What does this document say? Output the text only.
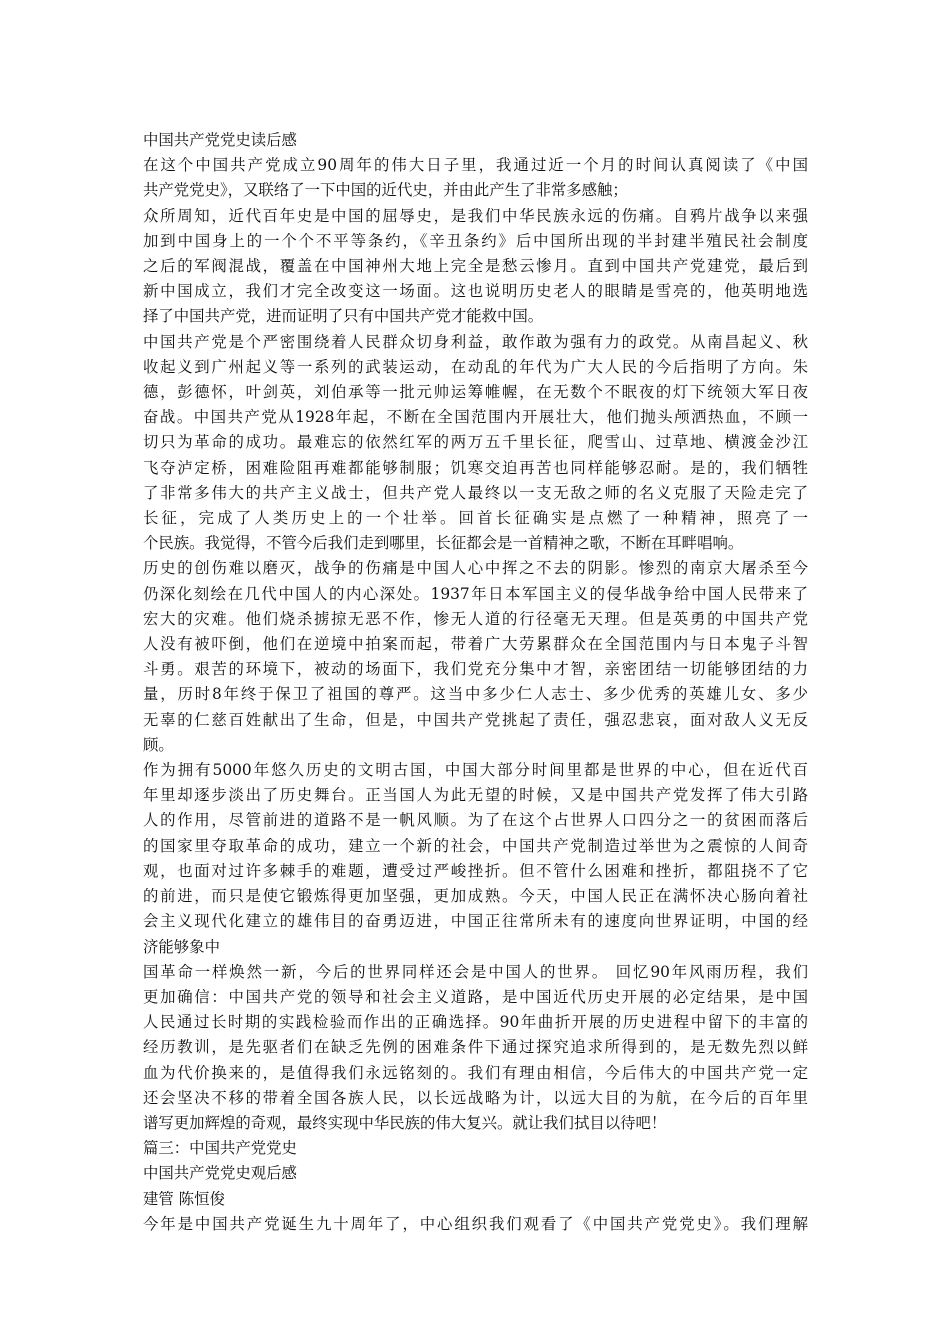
中国共产党党史读后感
在这个中国共产党成立90周年的伟大日子里，我通过近一个月的时间认真阅读了《中国
共产党党史》，又联络了一下中国的近代史，并由此产生了非常多感触；
众所周知，近代百年史是中国的屈辱史，是我们中华民族永远的伤痛。自鸦片战争以来强
加到中国身上的一个个不平等条约，《辛丑条约》后中国所出现的半封建半殖民社会制度
之后的军阀混战，覆盖在中国神州大地上完全是愁云惨月。直到中国共产党建党，最后到
新中国成立，我们才完全改变这一场面。这也说明历史老人的眼睛是雪亮的，他英明地选
择了中国共产党，进而证明了只有中国共产党才能救中国。
中国共产党是个严密围绕着人民群众切身利益，敢作敢为强有力的政党。从南昌起义、秋
收起义到广州起义等一系列的武装运动，在动乱的年代为广大人民的今后指明了方向。朱
德，彭德怀，叶剑英，刘伯承等一批元帅运筹帷幄，在无数个不眠夜的灯下统领大军日夜
奋战。中国共产党从1928年起，不断在全国范围内开展壮大，他们抛头颅洒热血，不顾一
切只为革命的成功。最难忘的依然红军的两万五千里长征，爬雪山、过草地、横渡金沙江
飞夺泸定桥，困难险阻再难都能够制服；饥寒交迫再苦也同样能够忍耐。是的，我们牺牲
了非常多伟大的共产主义战士，但共产党人最终以一支无敌之师的名义克服了天险走完了
长征，完成了人类历史上的一个壮举。回首长征确实是点燃了一种精神，照亮了一
个民族。我觉得，不管今后我们走到哪里，长征都会是一首精神之歌，不断在耳畔唱响。
历史的创伤难以磨灭，战争的伤痛是中国人心中挥之不去的阴影。惨烈的南京大屠杀至今
仍深化刻绘在几代中国人的内心深处。1937年日本军国主义的侵华战争给中国人民带来了
宏大的灾难。他们烧杀掳掠无恶不作，惨无人道的行径毫无天理。但是英勇的中国共产党
人没有被吓倒，他们在逆境中拍案而起，带着广大劳累群众在全国范围内与日本鬼子斗智
斗勇。艰苦的环境下，被动的场面下，我们党充分集中才智，亲密团结一切能够团结的力
量，历时8年终于保卫了祖国的尊严。这当中多少仁人志士、多少优秀的英雄儿女、多少
无辜的仁慈百姓献出了生命，但是，中国共产党挑起了责任，强忍悲哀，面对敌人义无反
顾。
作为拥有5000年悠久历史的文明古国，中国大部分时间里都是世界的中心，但在近代百
年里却逐步淡出了历史舞台。正当国人为此无望的时候，又是中国共产党发挥了伟大引路
人的作用，尽管前进的道路不是一帆风顺。为了在这个占世界人口四分之一的贫困而落后
的国家里夺取革命的成功，建立一个新的社会，中国共产党制造过举世为之震惊的人间奇
观，也面对过许多棘手的难题，遭受过严峻挫折。但不管什么困难和挫折，都阻挠不了它
的前进，而只是使它锻炼得更加坚强，更加成熟。今天，中国人民正在满怀决心肠向着社
会主义现代化建立的雄伟目的奋勇迈进，中国正往常所未有的速度向世界证明，中国的经
济能够象中
国革命一样焕然一新，今后的世界同样还会是中国人的世界。 回忆90年风雨历程，我们
更加确信：中国共产党的领导和社会主义道路，是中国近代历史开展的必定结果，是中国
人民通过长时期的实践检验而作出的正确选择。90年曲折开展的历史进程中留下的丰富的
经历教训，是先驱者们在缺乏先例的困难条件下通过探究追求所得到的，是无数先烈以鲜
血为代价换来的，是值得我们永远铭刻的。我们有理由相信，今后伟大的中国共产党一定
还会坚决不移的带着全国各族人民，以长远战略为计，以远大目的为航，在今后的百年里
谱写更加辉煌的奇观，最终实现中华民族的伟大复兴。就让我们拭目以待吧！
篇三：中国共产党党史
中国共产党党史观后感
建管 陈恒俊
今年是中国共产党诞生九十周年了，中心组织我们观看了《中国共产党党史》。我们理解
